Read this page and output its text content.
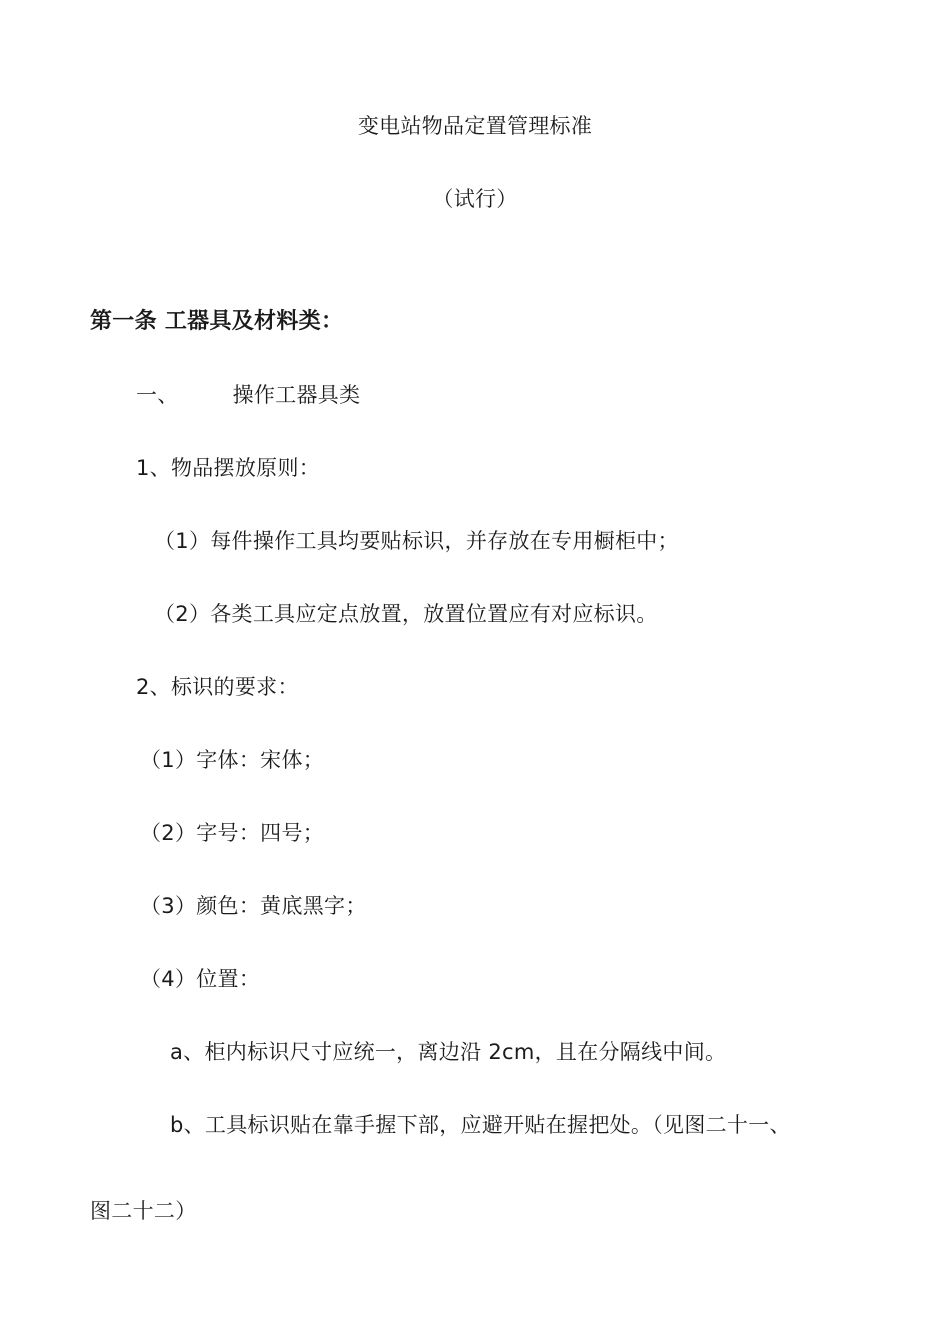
变电站物品定置管理标准
（试行）
第一条 工器具及材料类：
一、	操作工器具类
1、物品摆放原则：
（1）每件操作工具均要贴标识，并存放在专用橱柜中；
（2）各类工具应定点放置，放置位置应有对应标识。
2、标识的要求：
（1）字体：宋体；
（2）字号：四号；
（3）颜色：黄底黑字；
（4）位置：
a、柜内标识尺寸应统一，离边沿 2cm，且在分隔线中间。
b、工具标识贴在靠手握下部，应避开贴在握把处。（见图二十一、
图二十二）
